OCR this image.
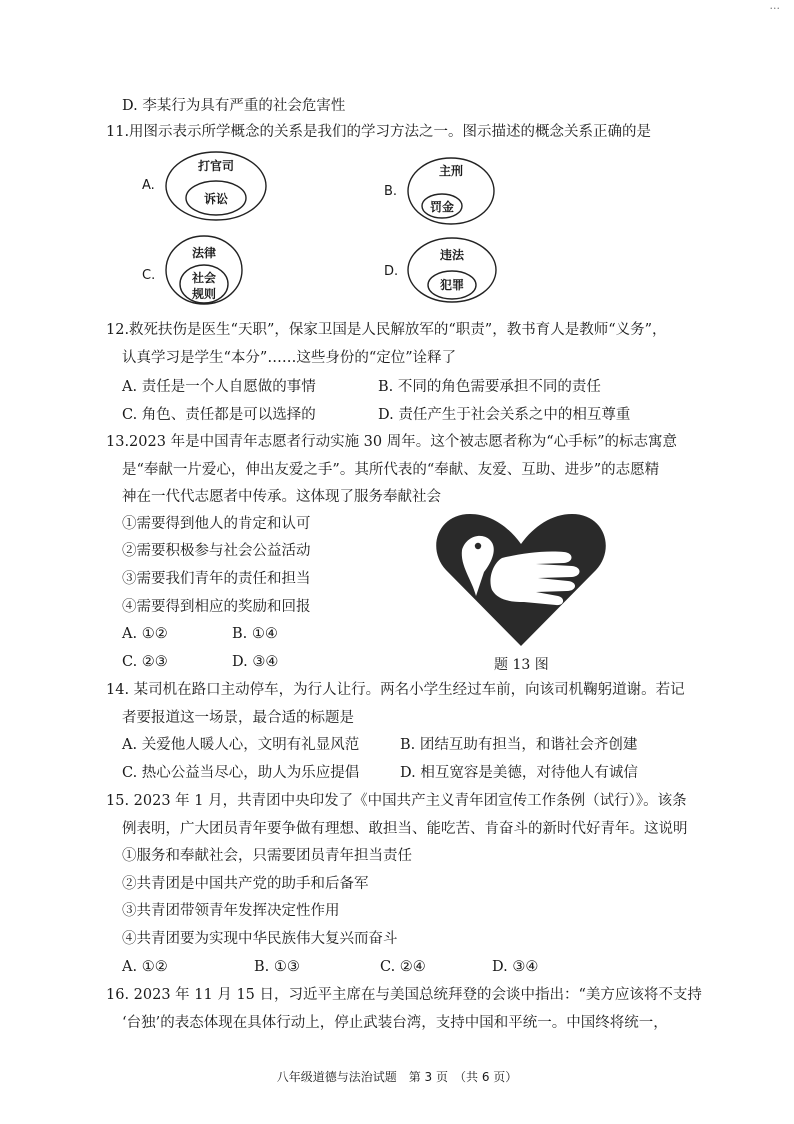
···
D. 李某行为具有严重的社会危害性
11.用图示表示所学概念的关系是我们的学习方法之一。图示描述的概念关系正确的是
A.
打官司
诉讼	B.
主刑
罚金
C.
法律
社会
规则
D.
违法
犯罪
12.救死扶伤是医生“天职”，保家卫国是人民解放军的“职责”，教书育人是教师“义务”，
认真学习是学生“本分”……这些身份的“定位”诠释了
A. 责任是一个人自愿做的事情	B. 不同的角色需要承担不同的责任
C. 角色、责任都是可以选择的	D. 责任产生于社会关系之中的相互尊重
13.2023 年是中国青年志愿者行动实施 30 周年。这个被志愿者称为“心手标”的标志寓意
是“奉献一片爱心，伸出友爱之手”。其所代表的“奉献、友爱、互助、进步”的志愿精
神在一代代志愿者中传承。这体现了服务奉献社会
①需要得到他人的肯定和认可
②需要积极参与社会公益活动
③需要我们青年的责任和担当
④需要得到相应的奖励和回报
A. ①②	B. ①④
C. ②③	D. ③④	题 13 图
14. 某司机在路口主动停车，为行人让行。两名小学生经过车前，向该司机鞠躬道谢。若记
者要报道这一场景，最合适的标题是
A. 关爱他人暖人心，文明有礼显风范	B. 团结互助有担当，和谐社会齐创建
C. 热心公益当尽心，助人为乐应提倡	D. 相互宽容是美德，对待他人有诚信
15. 2023 年 1 月，共青团中央印发了《中国共产主义青年团宣传工作条例（试行）》。该条
例表明，广大团员青年要争做有理想、敢担当、能吃苦、肯奋斗的新时代好青年。这说明
①服务和奉献社会，只需要团员青年担当责任
②共青团是中国共产党的助手和后备军
③共青团带领青年发挥决定性作用
④共青团要为实现中华民族伟大复兴而奋斗
A. ①②	B. ①③	C. ②④	D. ③④
16. 2023 年 11 月 15 日，习近平主席在与美国总统拜登的会谈中指出：“美方应该将不支持
‘台独’的表态体现在具体行动上，停止武装台湾，支持中国和平统一。中国终将统一，
八年级道德与法治试题　第 3 页　（共 6 页）
